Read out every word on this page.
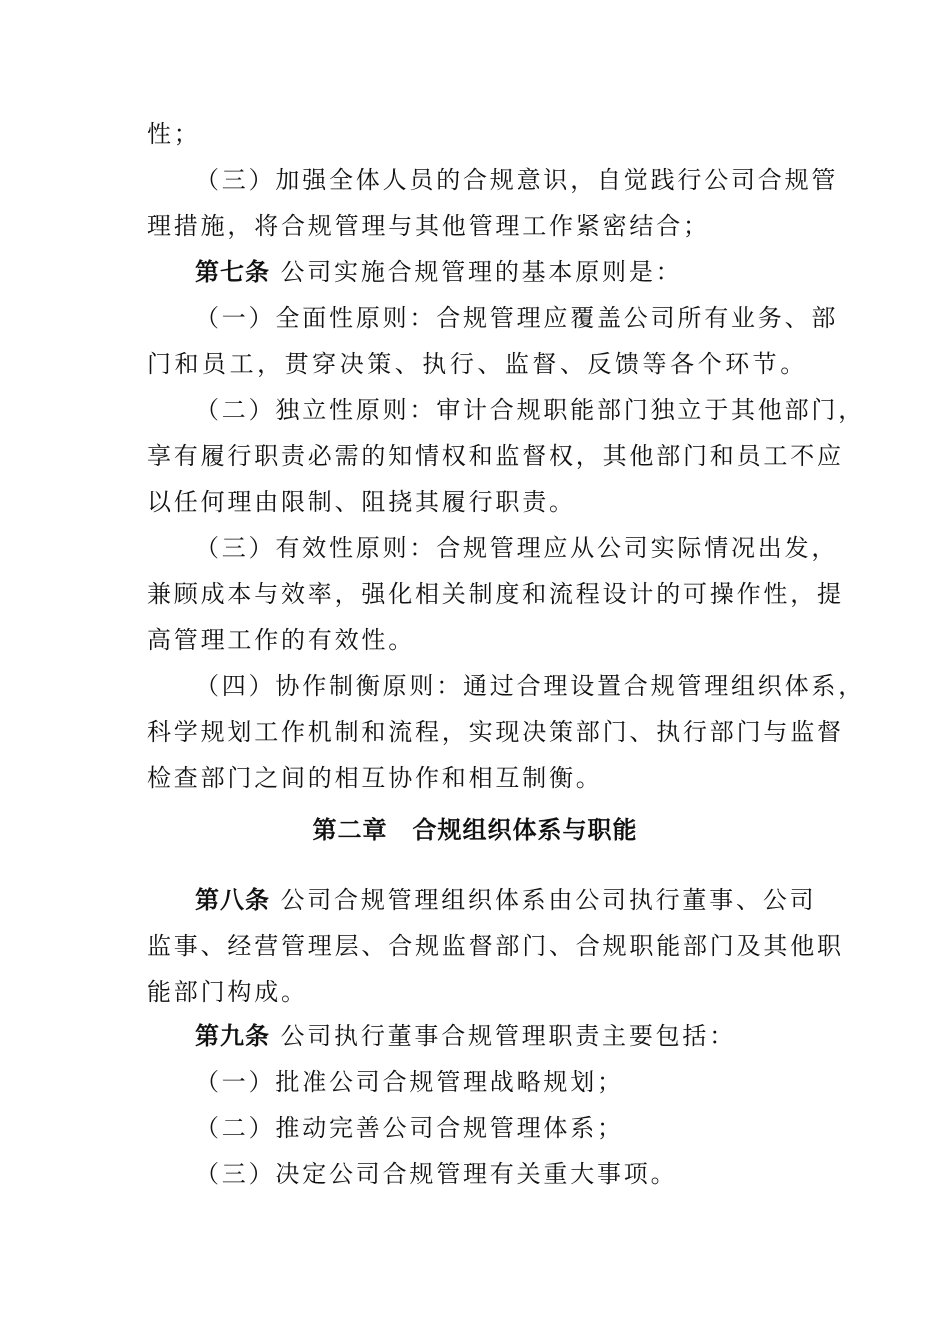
性；
（三）加强全体人员的合规意识，自觉践行公司合规管
理措施，将合规管理与其他管理工作紧密结合；
第七条 公司实施合规管理的基本原则是：
（一）全面性原则：合规管理应覆盖公司所有业务、部
门和员工，贯穿决策、执行、监督、反馈等各个环节。
（二）独立性原则：审计合规职能部门独立于其他部门，
享有履行职责必需的知情权和监督权，其他部门和员工不应
以任何理由限制、阻挠其履行职责。
（三）有效性原则：合规管理应从公司实际情况出发，
兼顾成本与效率，强化相关制度和流程设计的可操作性，提
高管理工作的有效性。
（四）协作制衡原则：通过合理设置合规管理组织体系，
科学规划工作机制和流程，实现决策部门、执行部门与监督
检查部门之间的相互协作和相互制衡。
第二章　合规组织体系与职能
第八条 公司合规管理组织体系由公司执行董事、公司
监事、经营管理层、合规监督部门、合规职能部门及其他职
能部门构成。
第九条 公司执行董事合规管理职责主要包括：
（一）批准公司合规管理战略规划；
（二）推动完善公司合规管理体系；
（三）决定公司合规管理有关重大事项。
